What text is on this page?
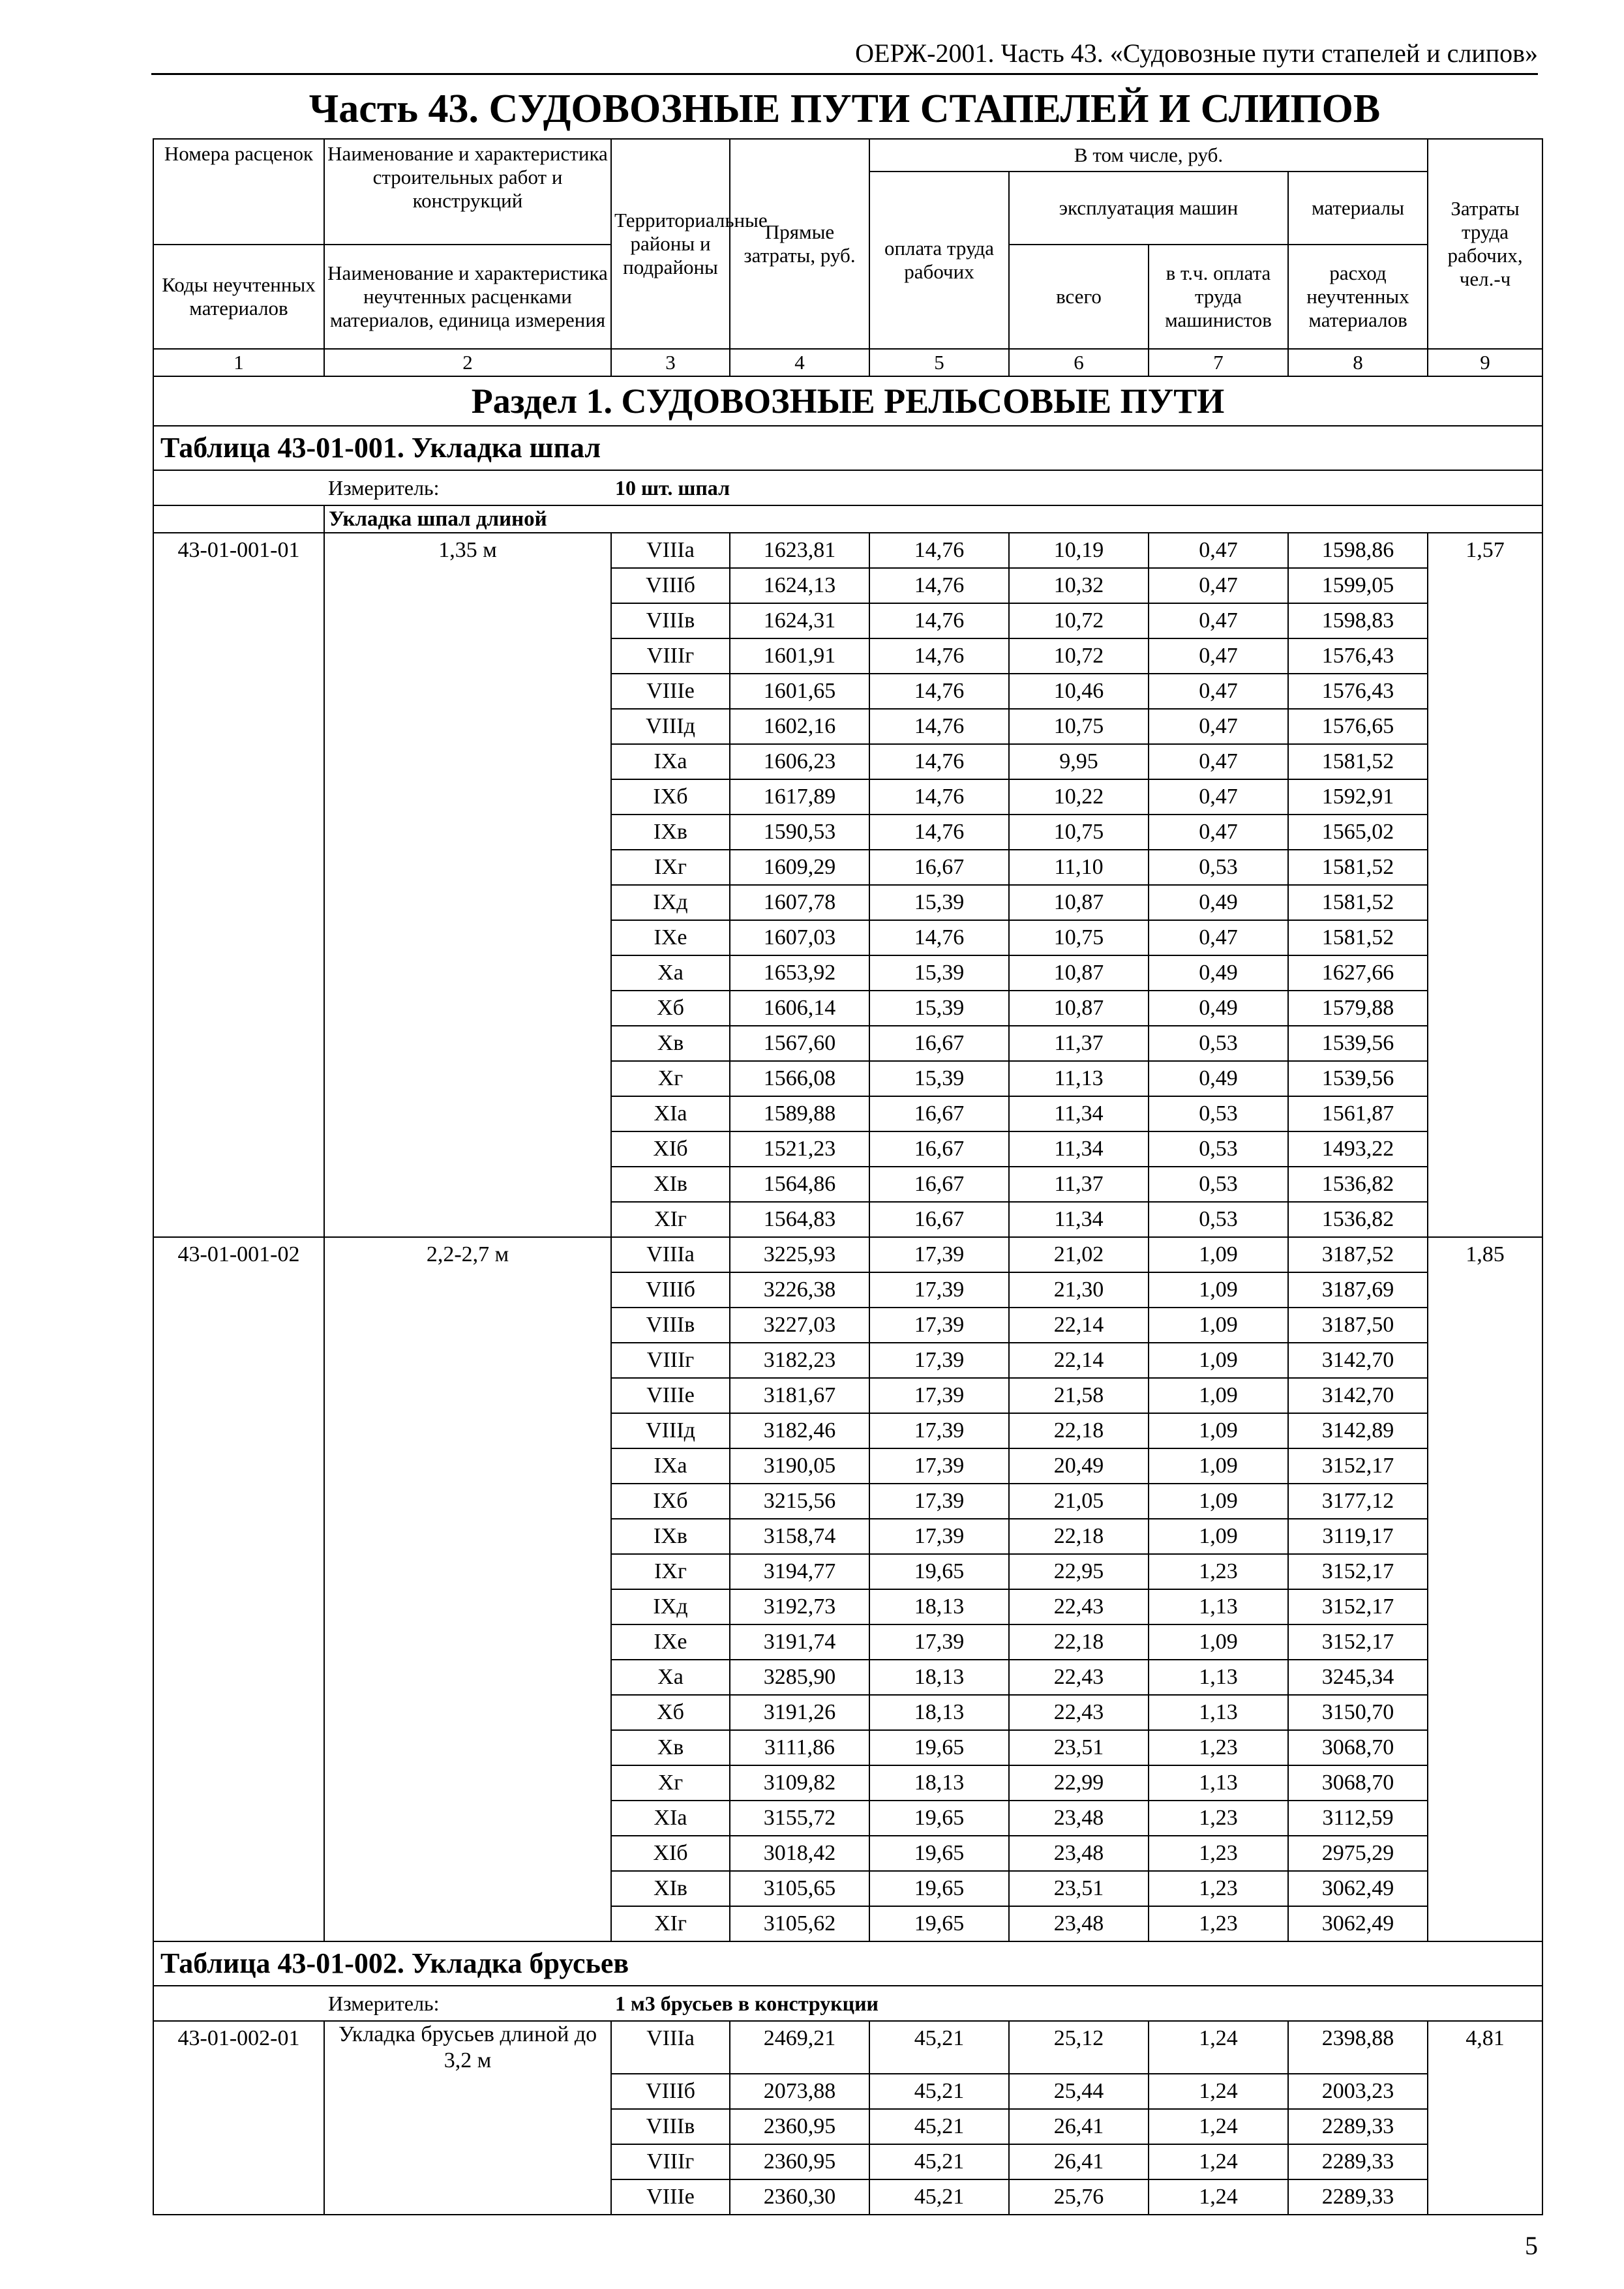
ОЕРЖ-2001. Часть 43. «Судовозные пути стапелей и слипов»
Часть 43. СУДОВОЗНЫЕ ПУТИ СТАПЕЛЕЙ И СЛИПОВ
Номера расценок	Наименование и характеристика строительных работ и конструкций	Территориальные районы и подрайоны	Прямые затраты, руб.	В том числе, руб.				Затраты труда рабочих, чел.-ч
				оплата труда рабочих	эксплуатация машин		материалы	
Коды неучтенных материалов	Наименование и характеристика неучтенных расценками материалов, единица измерения				всего	в т.ч. оплата труда машинистов	расход неучтенных материалов	
1	2	3	4	5	6	7	8	9
Раздел 1. СУДОВОЗНЫЕ РЕЛЬСОВЫЕ ПУТИ								
Таблица 43-01-001. Укладка шпал								
	Измеритель:	10 шт. шпал						
	Укладка шпал длиной							
43-01-001-01	1,35 м	VIIIa	1623,81	14,76	10,19	0,47	1598,86	1,57
		VIIIб	1624,13	14,76	10,32	0,47	1599,05	
		VIIIв	1624,31	14,76	10,72	0,47	1598,83	
		VIIIг	1601,91	14,76	10,72	0,47	1576,43	
		VIIIе	1601,65	14,76	10,46	0,47	1576,43	
		VIIIд	1602,16	14,76	10,75	0,47	1576,65	
		IXa	1606,23	14,76	9,95	0,47	1581,52	
		IXб	1617,89	14,76	10,22	0,47	1592,91	
		IXв	1590,53	14,76	10,75	0,47	1565,02	
		IXг	1609,29	16,67	11,10	0,53	1581,52	
		IXд	1607,78	15,39	10,87	0,49	1581,52	
		IXе	1607,03	14,76	10,75	0,47	1581,52	
		Xa	1653,92	15,39	10,87	0,49	1627,66	
		Xб	1606,14	15,39	10,87	0,49	1579,88	
		Xв	1567,60	16,67	11,37	0,53	1539,56	
		Xг	1566,08	15,39	11,13	0,49	1539,56	
		XIa	1589,88	16,67	11,34	0,53	1561,87	
		XIб	1521,23	16,67	11,34	0,53	1493,22	
		XIв	1564,86	16,67	11,37	0,53	1536,82	
		XIг	1564,83	16,67	11,34	0,53	1536,82	
43-01-001-02	2,2-2,7 м	VIIIa	3225,93	17,39	21,02	1,09	3187,52	1,85
		VIIIб	3226,38	17,39	21,30	1,09	3187,69	
		VIIIв	3227,03	17,39	22,14	1,09	3187,50	
		VIIIг	3182,23	17,39	22,14	1,09	3142,70	
		VIIIе	3181,67	17,39	21,58	1,09	3142,70	
		VIIIд	3182,46	17,39	22,18	1,09	3142,89	
		IXa	3190,05	17,39	20,49	1,09	3152,17	
		IXб	3215,56	17,39	21,05	1,09	3177,12	
		IXв	3158,74	17,39	22,18	1,09	3119,17	
		IXг	3194,77	19,65	22,95	1,23	3152,17	
		IXд	3192,73	18,13	22,43	1,13	3152,17	
		IXе	3191,74	17,39	22,18	1,09	3152,17	
		Xa	3285,90	18,13	22,43	1,13	3245,34	
		Xб	3191,26	18,13	22,43	1,13	3150,70	
		Xв	3111,86	19,65	23,51	1,23	3068,70	
		Xг	3109,82	18,13	22,99	1,13	3068,70	
		XIa	3155,72	19,65	23,48	1,23	3112,59	
		XIб	3018,42	19,65	23,48	1,23	2975,29	
		XIв	3105,65	19,65	23,51	1,23	3062,49	
		XIг	3105,62	19,65	23,48	1,23	3062,49	
Таблица 43-01-002. Укладка брусьев								
	Измеритель:	1 м3 брусьев в конструкции						
43-01-002-01	Укладка брусьев длиной до 3,2 м	VIIIa	2469,21	45,21	25,12	1,24	2398,88	4,81
		VIIIб	2073,88	45,21	25,44	1,24	2003,23	
		VIIIв	2360,95	45,21	26,41	1,24	2289,33	
		VIIIг	2360,95	45,21	26,41	1,24	2289,33	
		VIIIе	2360,30	45,21	25,76	1,24	2289,33	
5
